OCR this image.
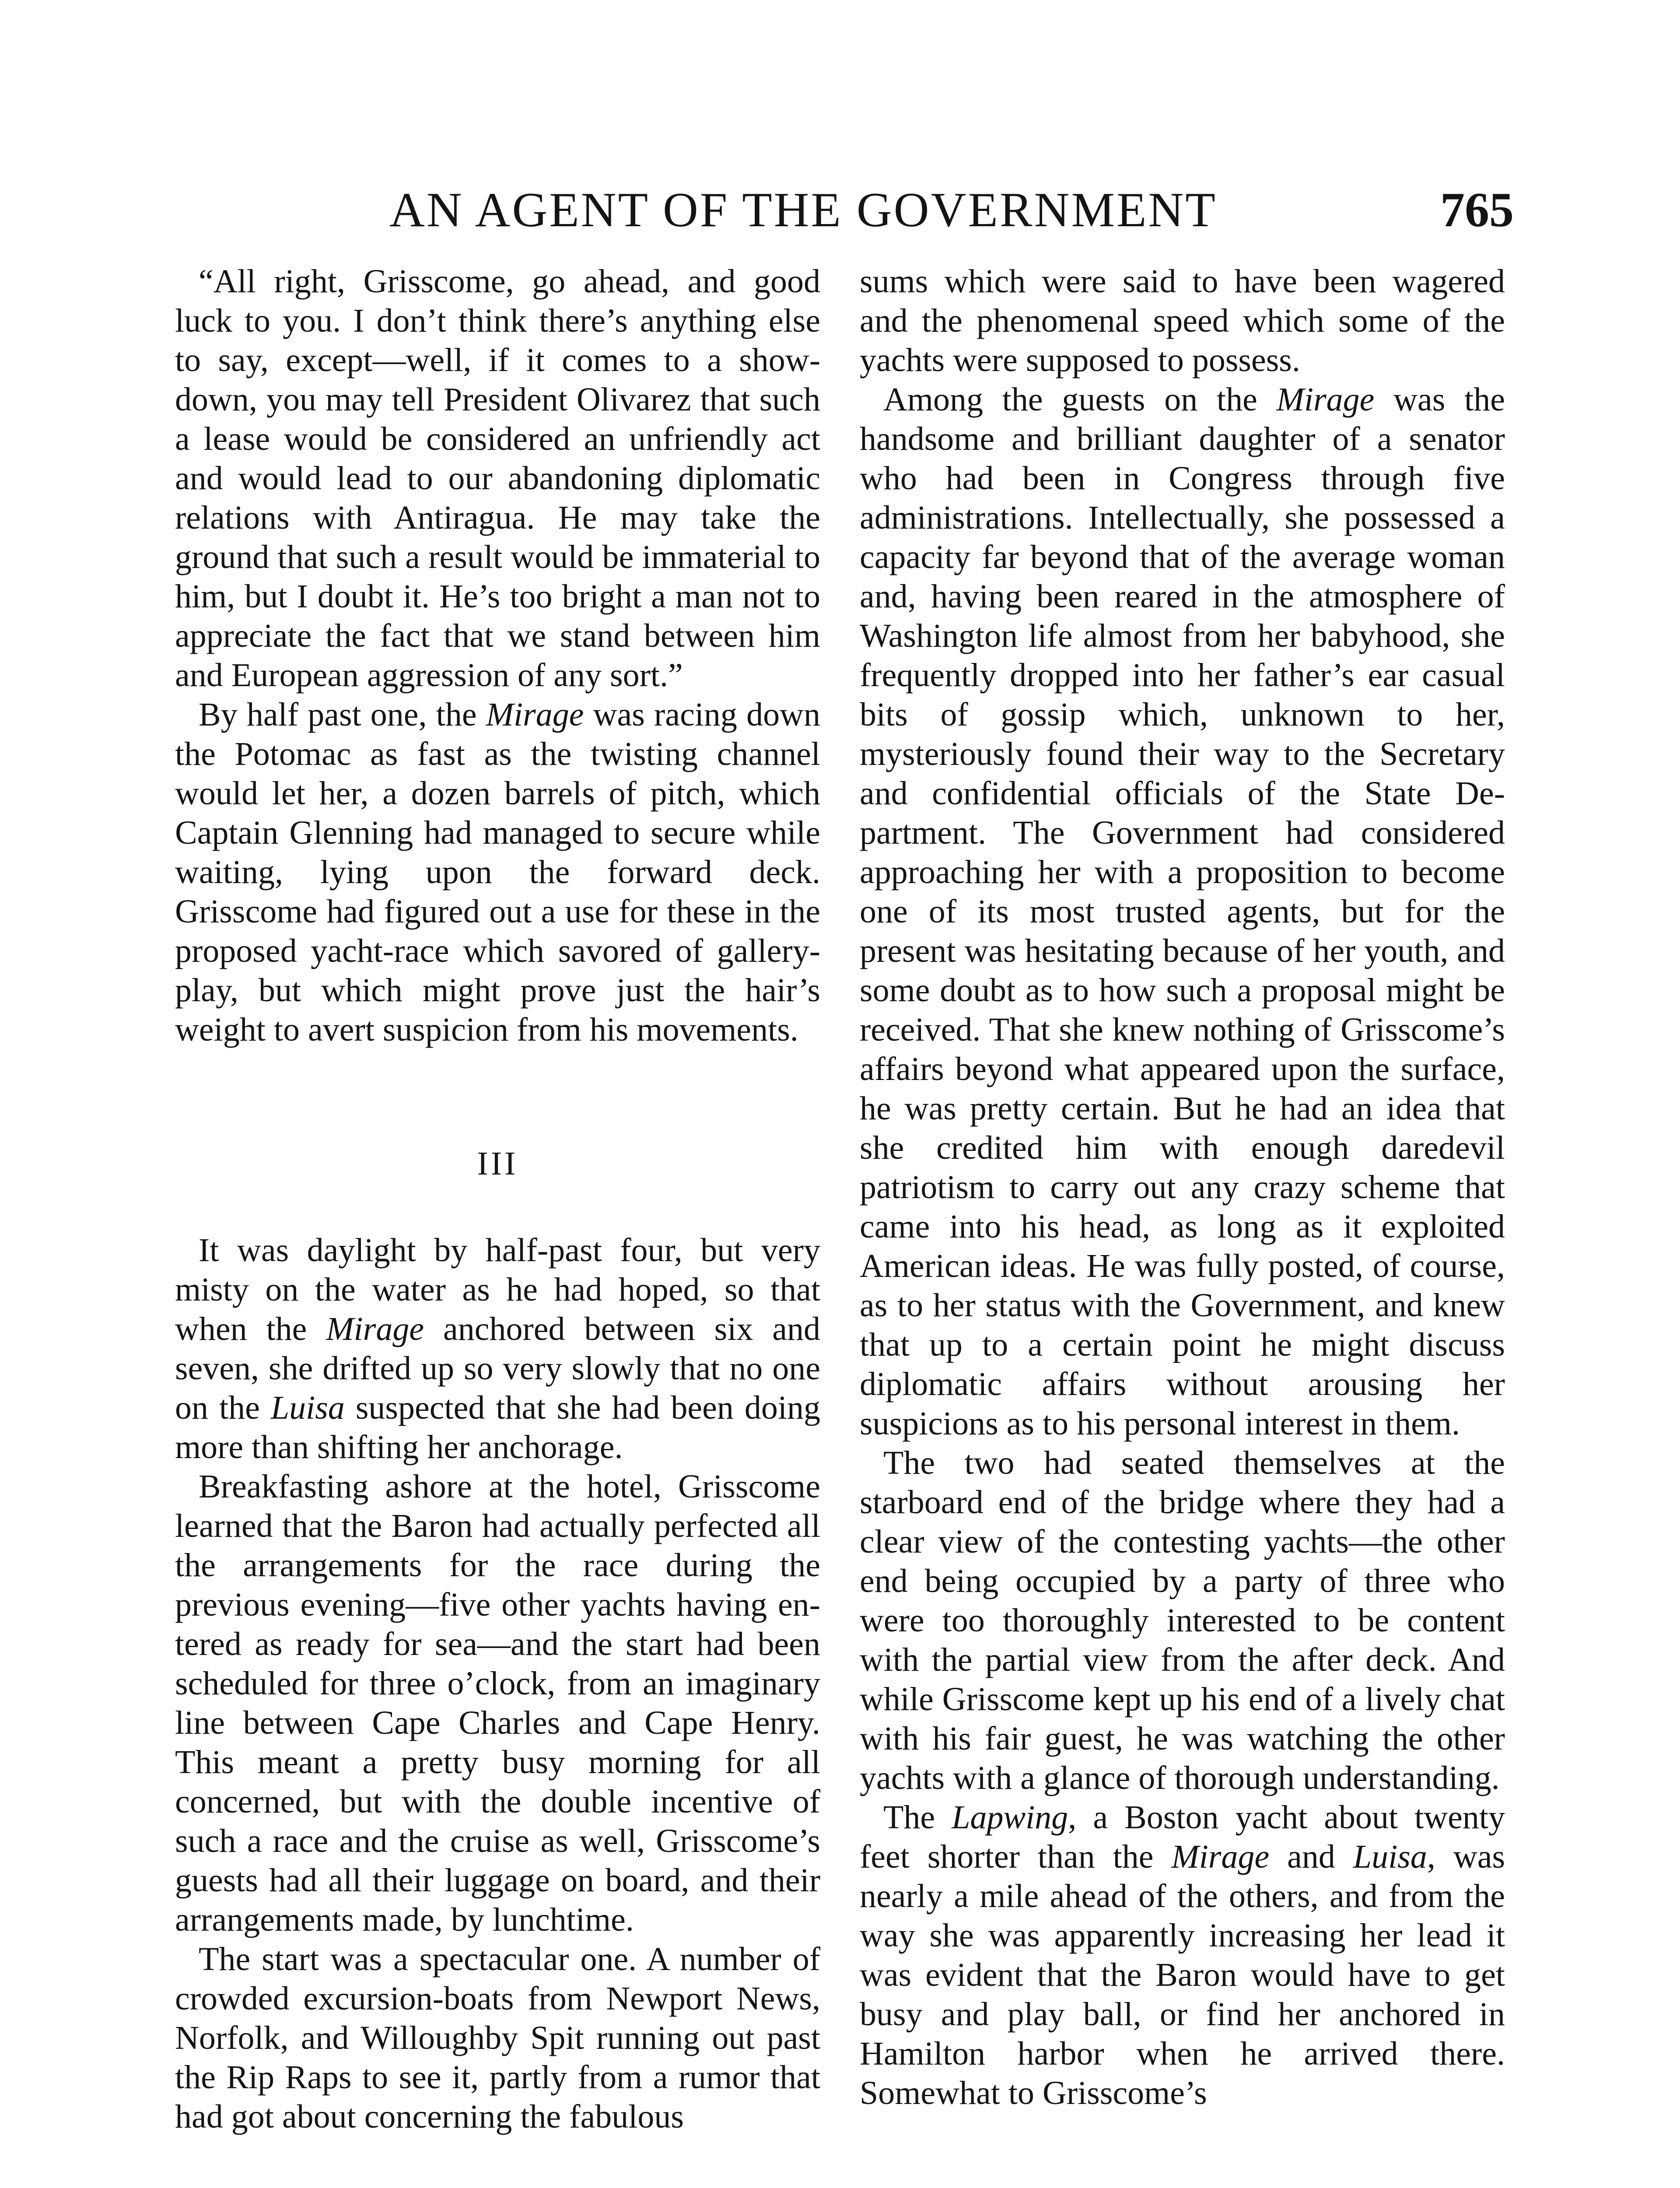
AN AGENT OF THE GOVERNMENT	765

“All right, Grisscome, go ahead, and good luck to you. I don’t think there’s anything else to say, except—well, if it comes to a show-down, you may tell President Olivarez that such a lease would be considered an unfriendly act and would lead to our abandoning diplomatic relations with Antiragua. He may take the ground that such a result would be immaterial to him, but I doubt it. He’s too bright a man not to appreciate the fact that we stand between him and European aggression of any sort.”

By half past one, the Mirage was racing down the Potomac as fast as the twisting channel would let her, a dozen barrels of pitch, which Captain Glenning had managed to secure while waiting, lying upon the forward deck. Grisscome had figured out a use for these in the proposed yacht-race which savored of gallery-play, but which might prove just the hair’s weight to avert suspicion from his movements.

III

It was daylight by half-past four, but very misty on the water as he had hoped, so that when the Mirage anchored between six and seven, she drifted up so very slowly that no one on the Luisa suspected that she had been doing more than shifting her anchorage.

Breakfasting ashore at the hotel, Grisscome learned that the Baron had actually perfected all the arrangements for the race during the previous evening—five other yachts having entered as ready for sea—and the start had been scheduled for three o’clock, from an imaginary line between Cape Charles and Cape Henry. This meant a pretty busy morning for all concerned, but with the double incentive of such a race and the cruise as well, Grisscome’s guests had all their luggage on board, and their arrangements made, by lunchtime.

The start was a spectacular one. A number of crowded excursion-boats from Newport News, Norfolk, and Willoughby Spit running out past the Rip Raps to see it, partly from a rumor that had got about concerning the fabulous

sums which were said to have been wagered and the phenomenal speed which some of the yachts were supposed to possess.

Among the guests on the Mirage was the handsome and brilliant daughter of a senator who had been in Congress through five administrations. Intellectually, she possessed a capacity far beyond that of the average woman and, having been reared in the atmosphere of Washington life almost from her babyhood, she frequently dropped into her father’s ear casual bits of gossip which, unknown to her, mysteriously found their way to the Secretary and confidential officials of the State Department. The Government had considered approaching her with a proposition to become one of its most trusted agents, but for the present was hesitating because of her youth, and some doubt as to how such a proposal might be received. That she knew nothing of Grisscome’s affairs beyond what appeared upon the surface, he was pretty certain. But he had an idea that she credited him with enough daredevil patriotism to carry out any crazy scheme that came into his head, as long as it exploited American ideas. He was fully posted, of course, as to her status with the Government, and knew that up to a certain point he might discuss diplomatic affairs without arousing her suspicions as to his personal interest in them.

The two had seated themselves at the starboard end of the bridge where they had a clear view of the contesting yachts—the other end being occupied by a party of three who were too thoroughly interested to be content with the partial view from the after deck. And while Grisscome kept up his end of a lively chat with his fair guest, he was watching the other yachts with a glance of thorough understanding.

The Lapwing, a Boston yacht about twenty feet shorter than the Mirage and Luisa, was nearly a mile ahead of the others, and from the way she was apparently increasing her lead it was evident that the Baron would have to get busy and play ball, or find her anchored in Hamilton harbor when he arrived there. Somewhat to Grisscome’s
